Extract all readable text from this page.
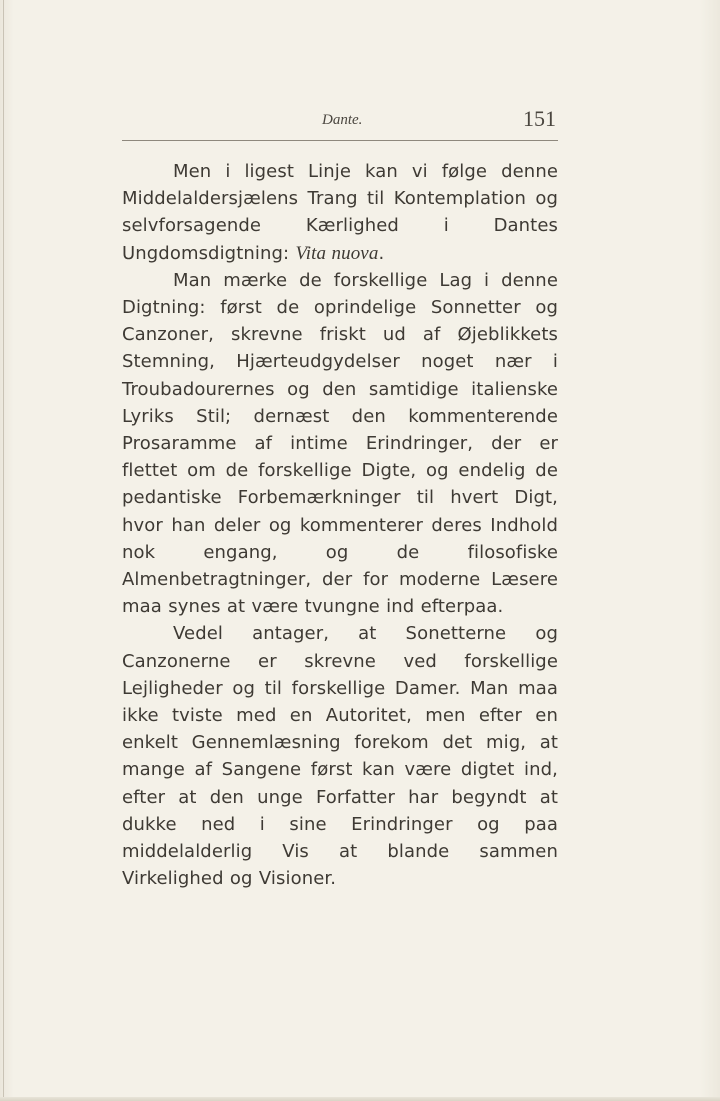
Dante.	151

Men i ligest Linje kan vi følge denne Middelaldersjælens Trang til Kontemplation og selvforsagende Kærlighed i Dantes Ungdomsdigtning: Vita nuova.

Man mærke de forskellige Lag i denne Digtning: først de oprindelige Sonnetter og Canzoner, skrevne friskt ud af Øjeblikkets Stemning, Hjærteudgydelser noget nær i Troubadourernes og den samtidige italienske Lyriks Stil; dernæst den kommenterende Prosaramme af intime Erindringer, der er flettet om de forskellige Digte, og endelig de pedantiske Forbemærkninger til hvert Digt, hvor han deler og kommenterer deres Indhold nok engang, og de filosofiske Almenbetragtninger, der for moderne Læsere maa synes at være tvungne ind efterpaa.

Vedel antager, at Sonetterne og Canzonerne er skrevne ved forskellige Lejligheder og til forskellige Damer. Man maa ikke tviste med en Autoritet, men efter en enkelt Gennemlæsning forekom det mig, at mange af Sangene først kan være digtet ind, efter at den unge Forfatter har begyndt at dukke ned i sine Erindringer og paa middelalderlig Vis at blande sammen Virkelighed og Visioner.
